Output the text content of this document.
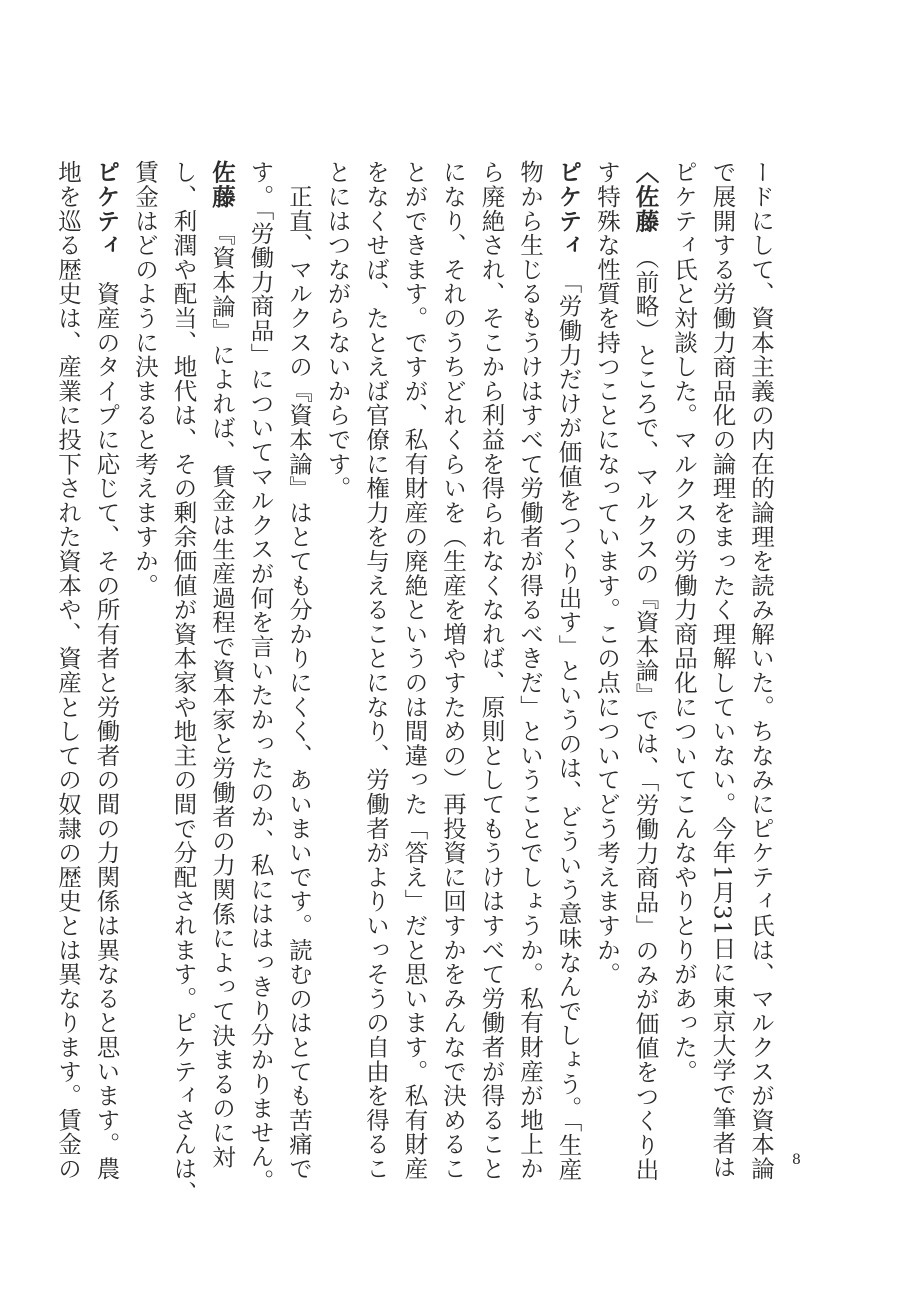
ードにして、資本主義の内在的論理を読み解いた。ちなみにピケティ氏は、マルクスが資本論
で展開する労働力商品化の論理をまったく理解していない。今年1月31日に東京大学で筆者は
ピケティ氏と対談した。マルクスの労働力商品化についてこんなやりとりがあった。
〈佐藤　（前略）ところで、マルクスの『資本論』では、「労働力商品」のみが価値をつくり出
す特殊な性質を持つことになっています。この点についてどう考えますか。
ピケティ　「労働力だけが価値をつくり出す」というのは、どういう意味なんでしょう。「生産
物から生じるもうけはすべて労働者が得るべきだ」ということでしょうか。私有財産が地上か
ら廃絶され、そこから利益を得られなくなれば、原則としてもうけはすべて労働者が得ること
になり、それのうちどれくらいを（生産を増やすための）再投資に回すかをみんなで決めるこ
とができます。ですが、私有財産の廃絶というのは間違った「答え」だと思います。私有財産
をなくせば、たとえば官僚に権力を与えることになり、労働者がよりいっそうの自由を得るこ
とにはつながらないからです。
　正直、マルクスの『資本論』はとても分かりにくく、あいまいです。読むのはとても苦痛で
す。「労働力商品」についてマルクスが何を言いたかったのか、私にははっきり分かりません。
佐藤　『資本論』によれば、賃金は生産過程で資本家と労働者の力関係によって決まるのに対
し、利潤や配当、地代は、その剰余価値が資本家や地主の間で分配されます。ピケティさんは、
賃金はどのように決まると考えますか。
ピケティ　資産のタイプに応じて、その所有者と労働者の間の力関係は異なると思います。農
地を巡る歴史は、産業に投下された資本や、資産としての奴隷の歴史とは異なります。賃金の	8
